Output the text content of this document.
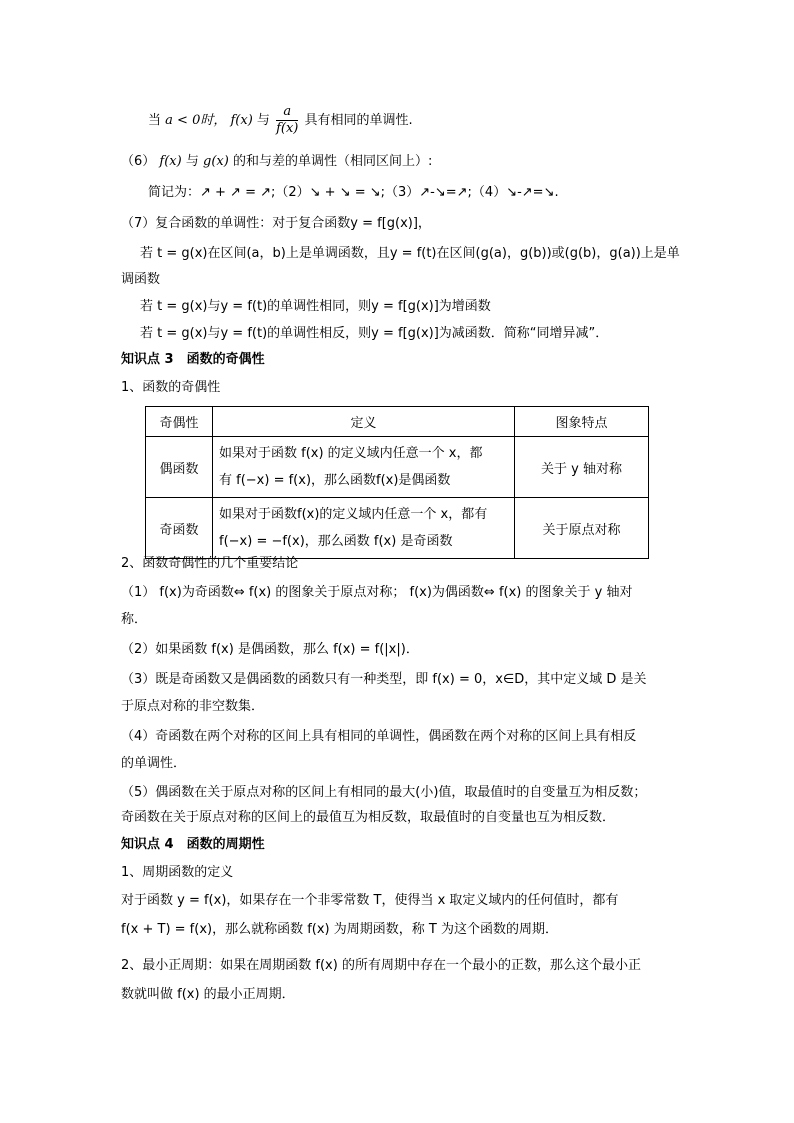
当 a < 0时， f(x) 与 $\frac{a}{f(x)}$ 具有相同的单调性.
（6） f(x) 与 g(x) 的和与差的单调性（相同区间上）:
简记为：↗ + ↗ = ↗;（2）↘ + ↘ = ↘;（3）↗-↘=↗;（4）↘-↗=↘.
（7）复合函数的单调性：对于复合函数y = f[g(x)]，
若 t = g(x)在区间(a，b)上是单调函数，且y = f(t)在区间(g(a)，g(b))或(g(b)，g(a))上是单
调函数
若 t = g(x)与y = f(t)的单调性相同，则y = f[g(x)]为增函数
若 t = g(x)与y = f(t)的单调性相反，则y = f[g(x)]为减函数．简称“同增异减”．
知识点 3　函数的奇偶性
1、函数的奇偶性
奇偶性	定义	图象特点
偶函数	如果对于函数 f(x) 的定义域内任意一个 x，都
有 f(−x) = f(x)，那么函数f(x)是偶函数	关于 y 轴对称
奇函数	如果对于函数f(x)的定义域内任意一个 x，都有
f(−x) = −f(x)，那么函数 f(x) 是奇函数	关于原点对称
2、函数奇偶性的几个重要结论
（1） f(x)为奇函数⇔ f(x) 的图象关于原点对称； f(x)为偶函数⇔ f(x) 的图象关于 y 轴对
称．
（2）如果函数 f(x) 是偶函数，那么 f(x) = f(|x|)．
（3）既是奇函数又是偶函数的函数只有一种类型，即 f(x) = 0，x∈D，其中定义域 D 是关
于原点对称的非空数集．
（4）奇函数在两个对称的区间上具有相同的单调性，偶函数在两个对称的区间上具有相反
的单调性．
（5）偶函数在关于原点对称的区间上有相同的最大(小)值，取最值时的自变量互为相反数；
奇函数在关于原点对称的区间上的最值互为相反数，取最值时的自变量也互为相反数．
知识点 4　函数的周期性
1、周期函数的定义
对于函数 y = f(x)，如果存在一个非零常数 T，使得当 x 取定义域内的任何值时，都有
f(x + T) = f(x)，那么就称函数 f(x) 为周期函数，称 T 为这个函数的周期．
2、最小正周期：如果在周期函数 f(x) 的所有周期中存在一个最小的正数，那么这个最小正
数就叫做 f(x) 的最小正周期．
